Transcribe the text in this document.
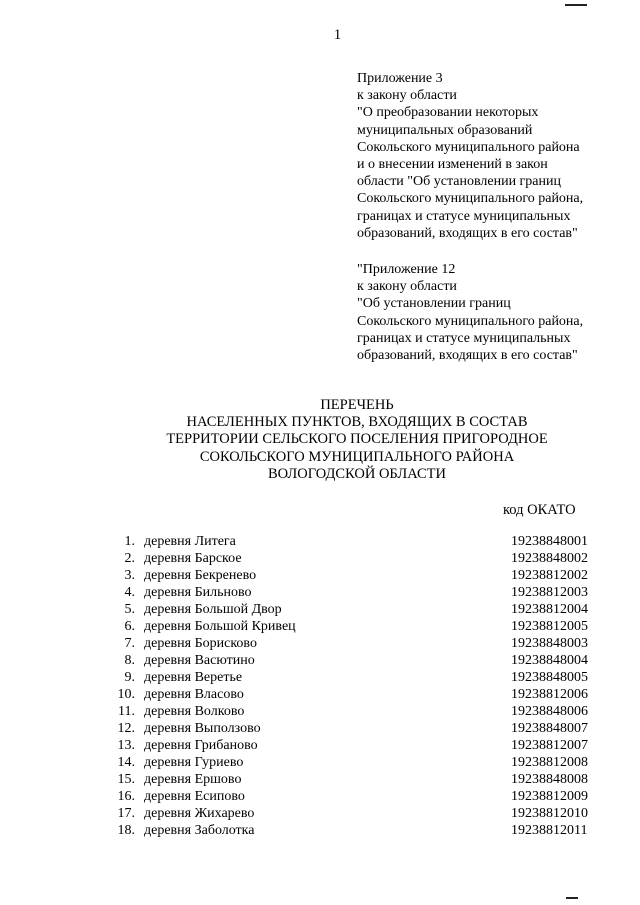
1
Приложение 3
к закону области
"О преобразовании некоторых
муниципальных образований
Сокольского муниципального района
и о внесении изменений в закон
области "Об установлении границ
Сокольского муниципального района,
границах и статусе муниципальных
образований, входящих в его состав"
"Приложение 12
к закону области
"Об установлении границ
Сокольского муниципального района,
границах и статусе муниципальных
образований, входящих в его состав"
ПЕРЕЧЕНЬ
НАСЕЛЕННЫХ ПУНКТОВ, ВХОДЯЩИХ В СОСТАВ
ТЕРРИТОРИИ СЕЛЬСКОГО ПОСЕЛЕНИЯ ПРИГОРОДНОЕ
СОКОЛЬСКОГО МУНИЦИПАЛЬНОГО РАЙОНА
ВОЛОГОДСКОЙ ОБЛАСТИ
код ОКАТО
1. деревня Литега	19238848001
2. деревня Барское	19238848002
3. деревня Бекренево	19238812002
4. деревня Бильново	19238812003
5. деревня Большой Двор	19238812004
6. деревня Большой Кривец	19238812005
7. деревня Борисково	19238848003
8. деревня Васютино	19238848004
9. деревня Веретье	19238848005
10. деревня Власово	19238812006
11. деревня Волково	19238848006
12. деревня Выползово	19238848007
13. деревня Грибаново	19238812007
14. деревня Гуриево	19238812008
15. деревня Ершово	19238848008
16. деревня Есипово	19238812009
17. деревня Жихарево	19238812010
18. деревня Заболотка	19238812011
